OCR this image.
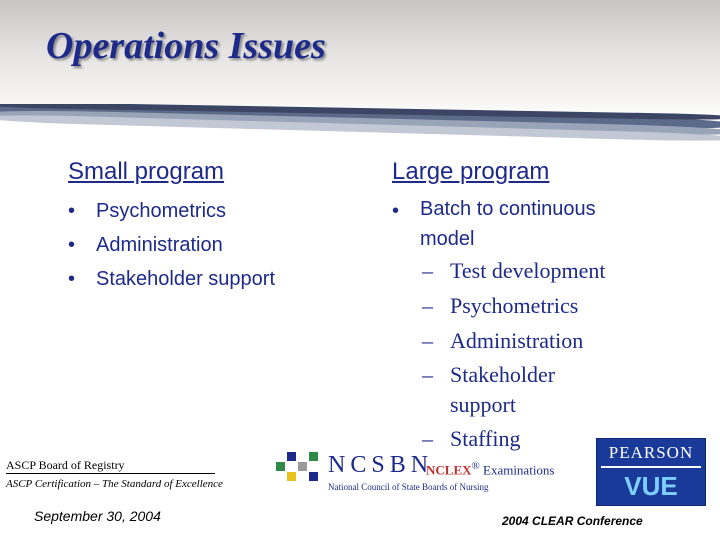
Operations Issues
Small program
• Psychometrics
• Administration
• Stakeholder support
Large program
• Batch to continuous
model
– Test development
– Psychometrics
– Administration
– Stakeholder
support
– Staffing
ASCP Board of Registry
ASCP Certification – The Standard of Excellence
September 30, 2004
NCSBN
NCLEX® Examinations
National Council of State Boards of Nursing
PEARSON
VUE
2004 CLEAR Conference
